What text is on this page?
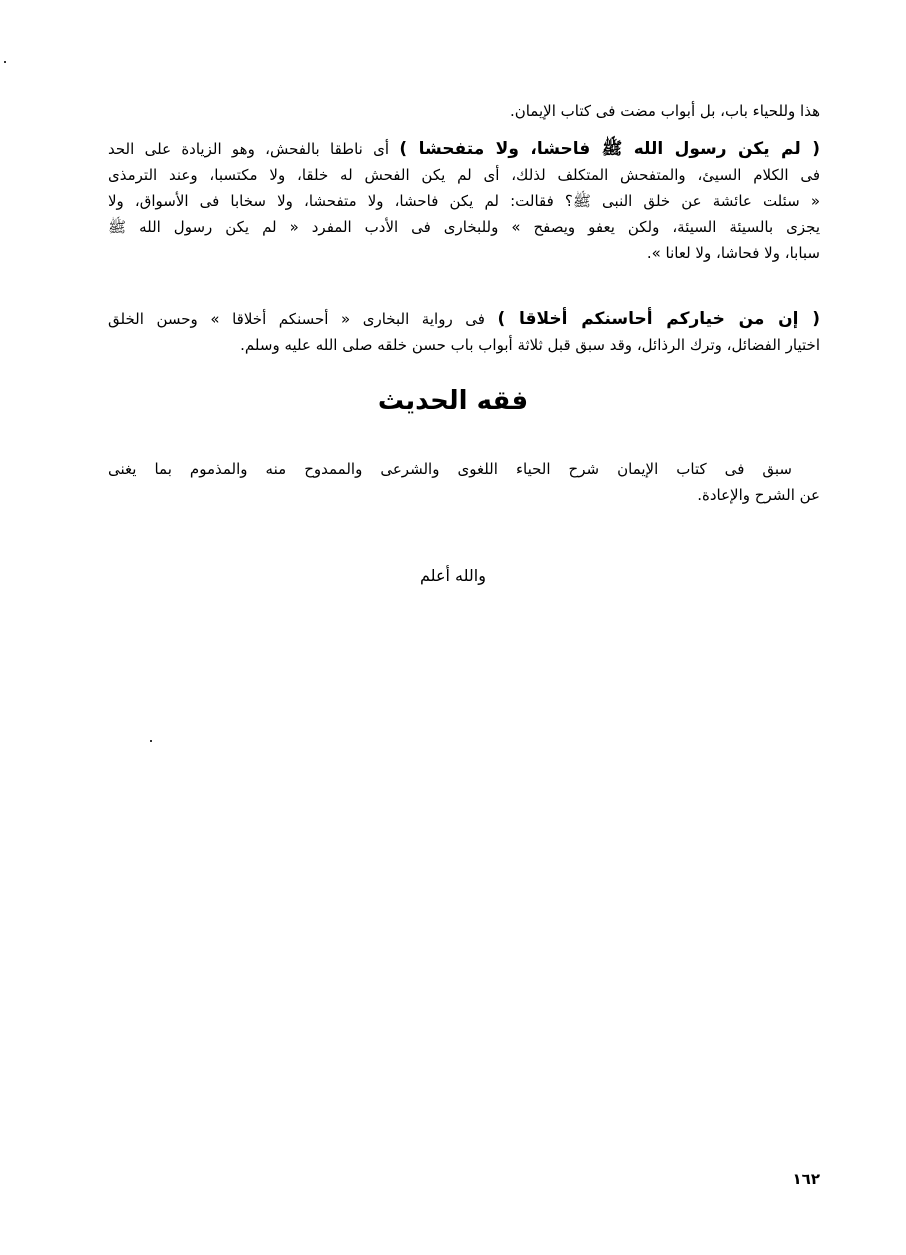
هذا وللحياء باب، بل أبواب مضت فى كتاب الإيمان.
( لم يكن رسول الله ﷺ فاحشا، ولا متفحشا ) أى ناطقا بالفحش، وهو الزيادة على الحد
فى الكلام السيئ، والمتفحش المتكلف لذلك، أى لم يكن الفحش له خلقا، ولا مكتسبا، وعند الترمذى
« سئلت عائشة عن خلق النبى ﷺ؟ فقالت: لم يكن فاحشا، ولا متفحشا، ولا سخابا فى الأسواق، ولا
يجزى بالسيئة السيئة، ولكن يعفو ويصفح » وللبخارى فى الأدب المفرد « لم يكن رسول الله ﷺ
سبابا، ولا فحاشا، ولا لعانا ».
( إن من خياركم أحاسنكم أخلاقا ) فى رواية البخارى « أحسنكم أخلاقا » وحسن الخلق
اختيار الفضائل، وترك الرذائل، وقد سبق قبل ثلاثة أبواب باب حسن خلقه صلى الله عليه وسلم.
فقه الحديث
سبق فى كتاب الإيمان شرح الحياء اللغوى والشرعى والممدوح منه والمذموم بما يغنى
عن الشرح والإعادة.
والله أعلم
١٦٢
